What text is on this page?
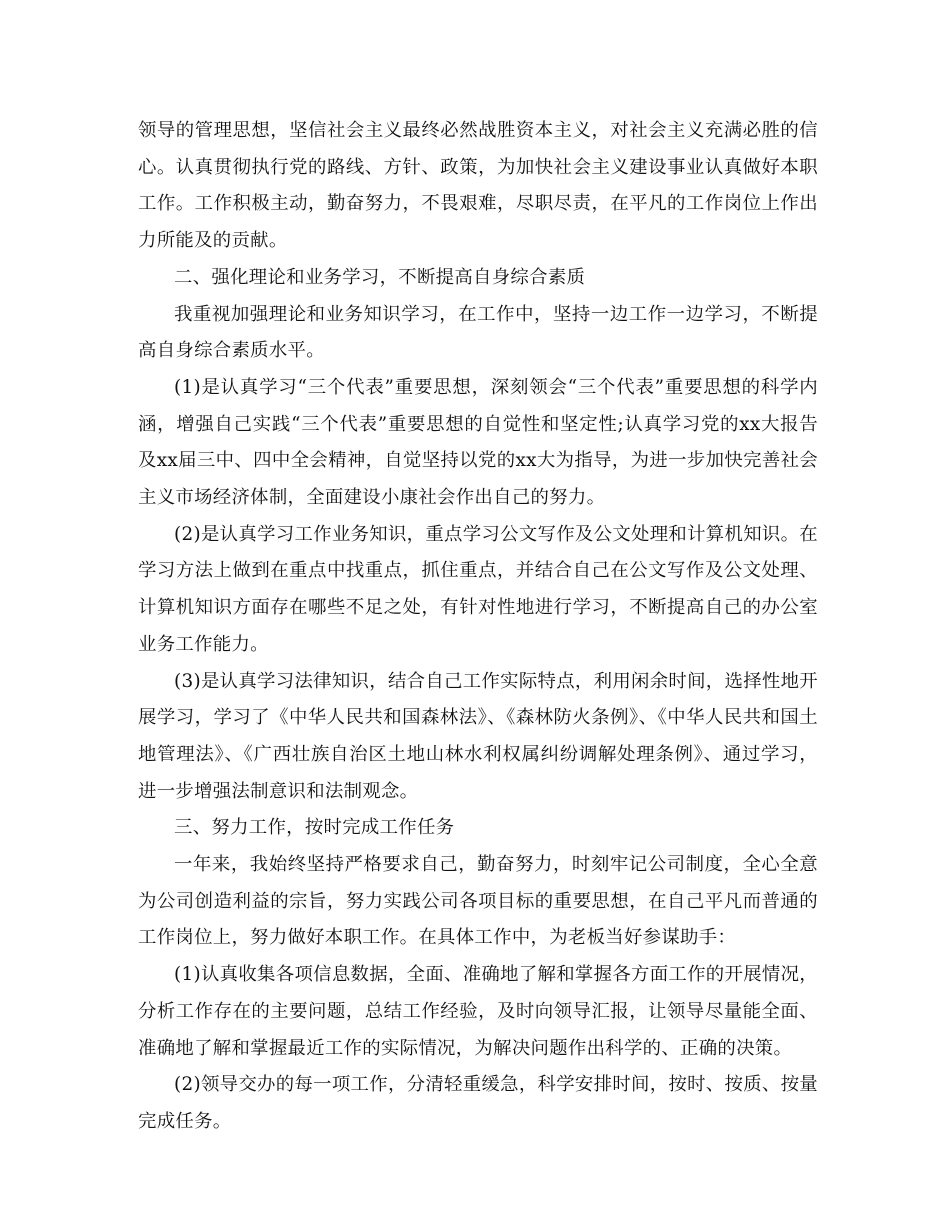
领导的管理思想，坚信社会主义最终必然战胜资本主义，对社会主义充满必胜的信心。认真贯彻执行党的路线、方针、政策，为加快社会主义建设事业认真做好本职工作。工作积极主动，勤奋努力，不畏艰难，尽职尽责，在平凡的工作岗位上作出力所能及的贡献。

二、强化理论和业务学习，不断提高自身综合素质

我重视加强理论和业务知识学习，在工作中，坚持一边工作一边学习，不断提高自身综合素质水平。

(1)是认真学习“三个代表”重要思想，深刻领会“三个代表”重要思想的科学内涵，增强自己实践“三个代表”重要思想的自觉性和坚定性;认真学习党的xx大报告及xx届三中、四中全会精神，自觉坚持以党的xx大为指导，为进一步加快完善社会主义市场经济体制，全面建设小康社会作出自己的努力。

(2)是认真学习工作业务知识，重点学习公文写作及公文处理和计算机知识。在学习方法上做到在重点中找重点，抓住重点，并结合自己在公文写作及公文处理、计算机知识方面存在哪些不足之处，有针对性地进行学习，不断提高自己的办公室业务工作能力。

(3)是认真学习法律知识，结合自己工作实际特点，利用闲余时间，选择性地开展学习，学习了《中华人民共和国森林法》、《森林防火条例》、《中华人民共和国土地管理法》、《广西壮族自治区土地山林水利权属纠纷调解处理条例》、通过学习，进一步增强法制意识和法制观念。

三、努力工作，按时完成工作任务

一年来，我始终坚持严格要求自己，勤奋努力，时刻牢记公司制度，全心全意为公司创造利益的宗旨，努力实践公司各项目标的重要思想，在自己平凡而普通的工作岗位上，努力做好本职工作。在具体工作中，为老板当好参谋助手：

(1)认真收集各项信息数据，全面、准确地了解和掌握各方面工作的开展情况，分析工作存在的主要问题，总结工作经验，及时向领导汇报，让领导尽量能全面、准确地了解和掌握最近工作的实际情况，为解决问题作出科学的、正确的决策。

(2)领导交办的每一项工作，分清轻重缓急，科学安排时间，按时、按质、按量完成任务。
